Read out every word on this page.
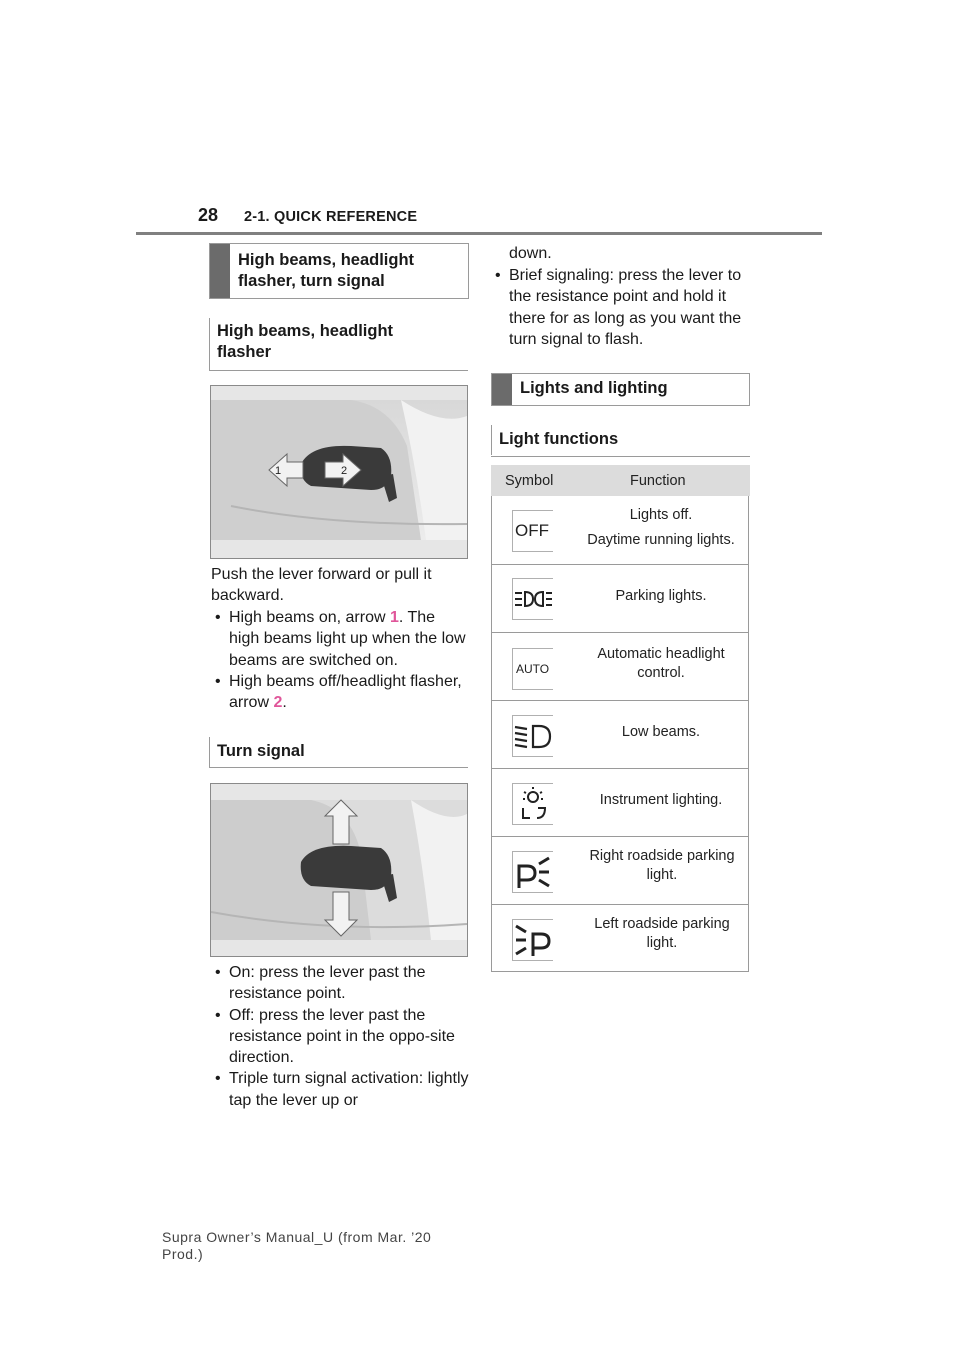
28 2-1. QUICK REFERENCE
High beams, headlight flasher, turn signal
High beams, headlight flasher
1	2
Push the lever forward or pull it backward.
• High beams on, arrow 1. The high beams light up when the low beams are switched on.
• High beams off/headlight flasher, arrow 2.
Turn signal
• On: press the lever past the resistance point.
• Off: press the lever past the resistance point in the oppo-site direction.
• Triple turn signal activation: lightly tap the lever up or
down.
• Brief signaling: press the lever to the resistance point and hold it there for as long as you want the turn signal to flash.
Lights and lighting
Light functions
Symbol	Function
OFF
Lights off.
Daytime running lights.
Parking lights.
AUTO
Automatic headlight control.
Low beams.
Instrument lighting.
Right roadside parking light.
Left roadside parking light.
Supra Owner’s Manual_U (from Mar. ’20
Prod.)
